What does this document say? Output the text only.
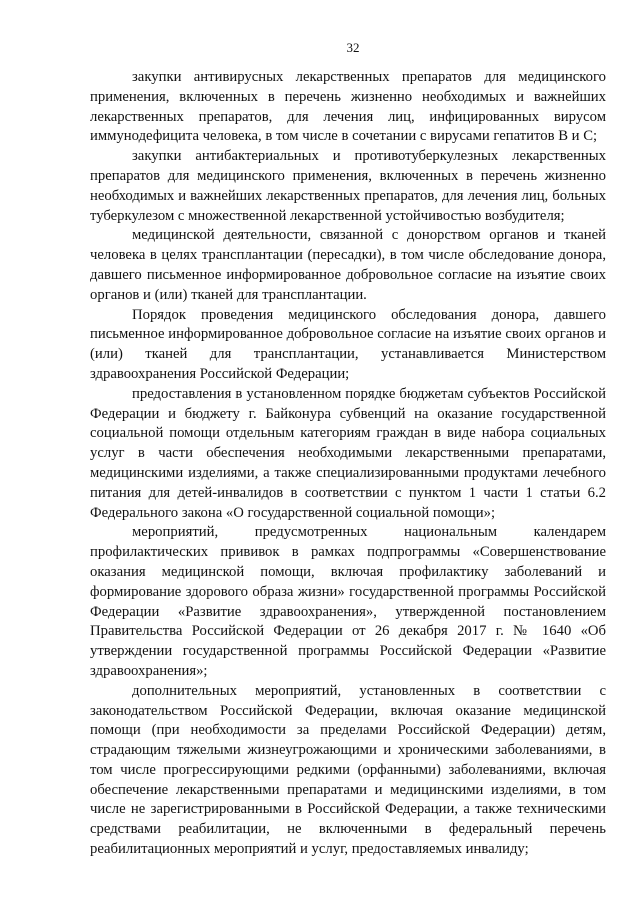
32

закупки антивирусных лекарственных препаратов для медицинского применения, включенных в перечень жизненно необходимых и важнейших лекарственных препаратов, для лечения лиц, инфицированных вирусом иммунодефицита человека, в том числе в сочетании с вирусами гепатитов В и С;

закупки антибактериальных и противотуберкулезных лекарственных препаратов для медицинского применения, включенных в перечень жизненно необходимых и важнейших лекарственных препаратов, для лечения лиц, больных туберкулезом с множественной лекарственной устойчивостью возбудителя;

медицинской деятельности, связанной с донорством органов и тканей человека в целях трансплантации (пересадки), в том числе обследование донора, давшего письменное информированное добровольное согласие на изъятие своих органов и (или) тканей для трансплантации.

Порядок проведения медицинского обследования донора, давшего письменное информированное добровольное согласие на изъятие своих органов и (или) тканей для трансплантации, устанавливается Министерством здравоохранения Российской Федерации;

предоставления в установленном порядке бюджетам субъектов Российской Федерации и бюджету г. Байконура субвенций на оказание государственной социальной помощи отдельным категориям граждан в виде набора социальных услуг в части обеспечения необходимыми лекарственными препаратами, медицинскими изделиями, а также специализированными продуктами лечебного питания для детей-инвалидов в соответствии с пунктом 1 части 1 статьи 6.2 Федерального закона «О государственной социальной помощи»;

мероприятий, предусмотренных национальным календарем профилактических прививок в рамках подпрограммы «Совершенствование оказания медицинской помощи, включая профилактику заболеваний и формирование здорового образа жизни» государственной программы Российской Федерации «Развитие здравоохранения», утвержденной постановлением Правительства Российской Федерации от 26 декабря 2017 г. № 1640 «Об утверждении государственной программы Российской Федерации «Развитие здравоохранения»;

дополнительных мероприятий, установленных в соответствии с законодательством Российской Федерации, включая оказание медицинской помощи (при необходимости за пределами Российской Федерации) детям, страдающим тяжелыми жизнеугрожающими и хроническими заболеваниями, в том числе прогрессирующими редкими (орфанными) заболеваниями, включая обеспечение лекарственными препаратами и медицинскими изделиями, в том числе не зарегистрированными в Российской Федерации, а также техническими средствами реабилитации, не включенными в федеральный перечень реабилитационных мероприятий и услуг, предоставляемых инвалиду;
